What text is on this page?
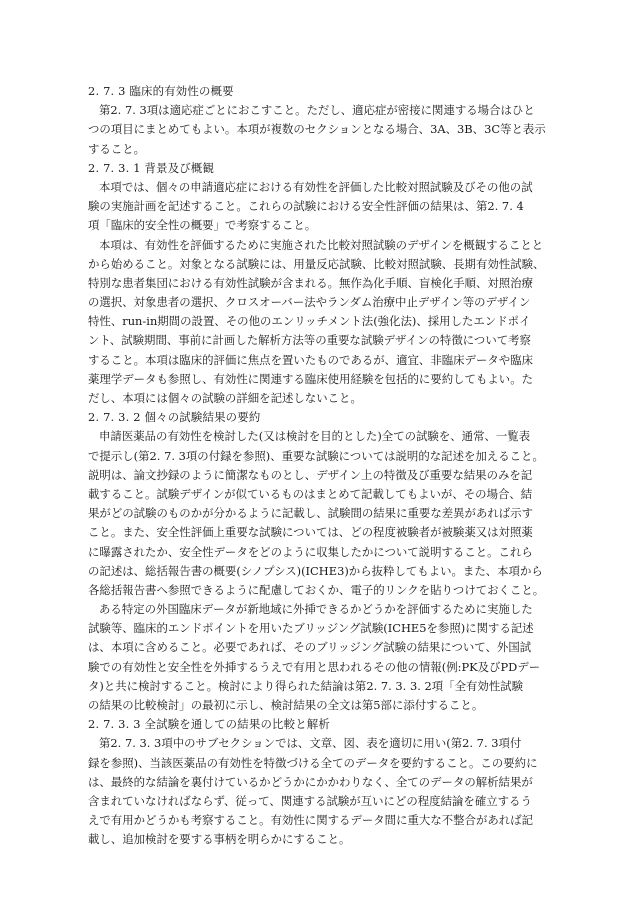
2. 7. 3 臨床的有効性の概要
第2. 7. 3項は適応症ごとにおこすこと。ただし、適応症が密接に関連する場合はひと
つの項目にまとめてもよい。本項が複数のセクションとなる場合、3A、3B、3C等と表示
すること。
2. 7. 3. 1 背景及び概観
本項では、個々の申請適応症における有効性を評価した比較対照試験及びその他の試
験の実施計画を記述すること。これらの試験における安全性評価の結果は、第2. 7. 4
項「臨床的安全性の概要」で考察すること。
本項は、有効性を評価するために実施された比較対照試験のデザインを概観することと
から始めること。対象となる試験には、用量反応試験、比較対照試験、長期有効性試験、
特別な患者集団における有効性試験が含まれる。無作為化手順、盲検化手順、対照治療
の選択、対象患者の選択、クロスオーバー法やランダム治療中止デザイン等のデザイン
特性、run-in期間の設置、その他のエンリッチメント法(強化法)、採用したエンドポイ
ント、試験期間、事前に計画した解析方法等の重要な試験デザインの特徴について考察
すること。本項は臨床的評価に焦点を置いたものであるが、適宜、非臨床データや臨床
薬理学データも参照し、有効性に関連する臨床使用経験を包括的に要約してもよい。た
だし、本項には個々の試験の詳細を記述しないこと。
2. 7. 3. 2 個々の試験結果の要約
申請医薬品の有効性を検討した(又は検討を目的とした)全ての試験を、通常、一覧表
で提示し(第2. 7. 3項の付録を参照)、重要な試験については説明的な記述を加えること。
説明は、論文抄録のように簡潔なものとし、デザイン上の特徴及び重要な結果のみを記
載すること。試験デザインが似ているものはまとめて記載してもよいが、その場合、結
果がどの試験のものかが分かるように記載し、試験間の結果に重要な差異があれば示す
こと。また、安全性評価上重要な試験については、どの程度被験者が被験薬又は対照薬
に曝露されたか、安全性データをどのように収集したかについて説明すること。これら
の記述は、総括報告書の概要(シノプシス)(ICHE3)から抜粋してもよい。また、本項から
各総括報告書へ参照できるように配慮しておくか、電子的リンクを貼りつけておくこと。
ある特定の外国臨床データが新地域に外挿できるかどうかを評価するために実施した
試験等、臨床的エンドポイントを用いたブリッジング試験(ICHE5を参照)に関する記述
は、本項に含めること。必要であれば、そのブリッジング試験の結果について、外国試
験での有効性と安全性を外挿するうえで有用と思われるその他の情報(例:PK及びPDデー
タ)と共に検討すること。検討により得られた結論は第2. 7. 3. 3. 2項「全有効性試験
の結果の比較検討」の最初に示し、検討結果の全文は第5部に添付すること。
2. 7. 3. 3 全試験を通しての結果の比較と解析
第2. 7. 3. 3項中のサブセクションでは、文章、図、表を適切に用い(第2. 7. 3項付
録を参照)、当該医薬品の有効性を特徴づける全てのデータを要約すること。この要約に
は、最終的な結論を裏付けているかどうかにかかわりなく、全てのデータの解析結果が
含まれていなければならず、従って、関連する試験が互いにどの程度結論を確立するう
えで有用かどうかも考察すること。有効性に関するデータ間に重大な不整合があれば記
載し、追加検討を要する事柄を明らかにすること。
